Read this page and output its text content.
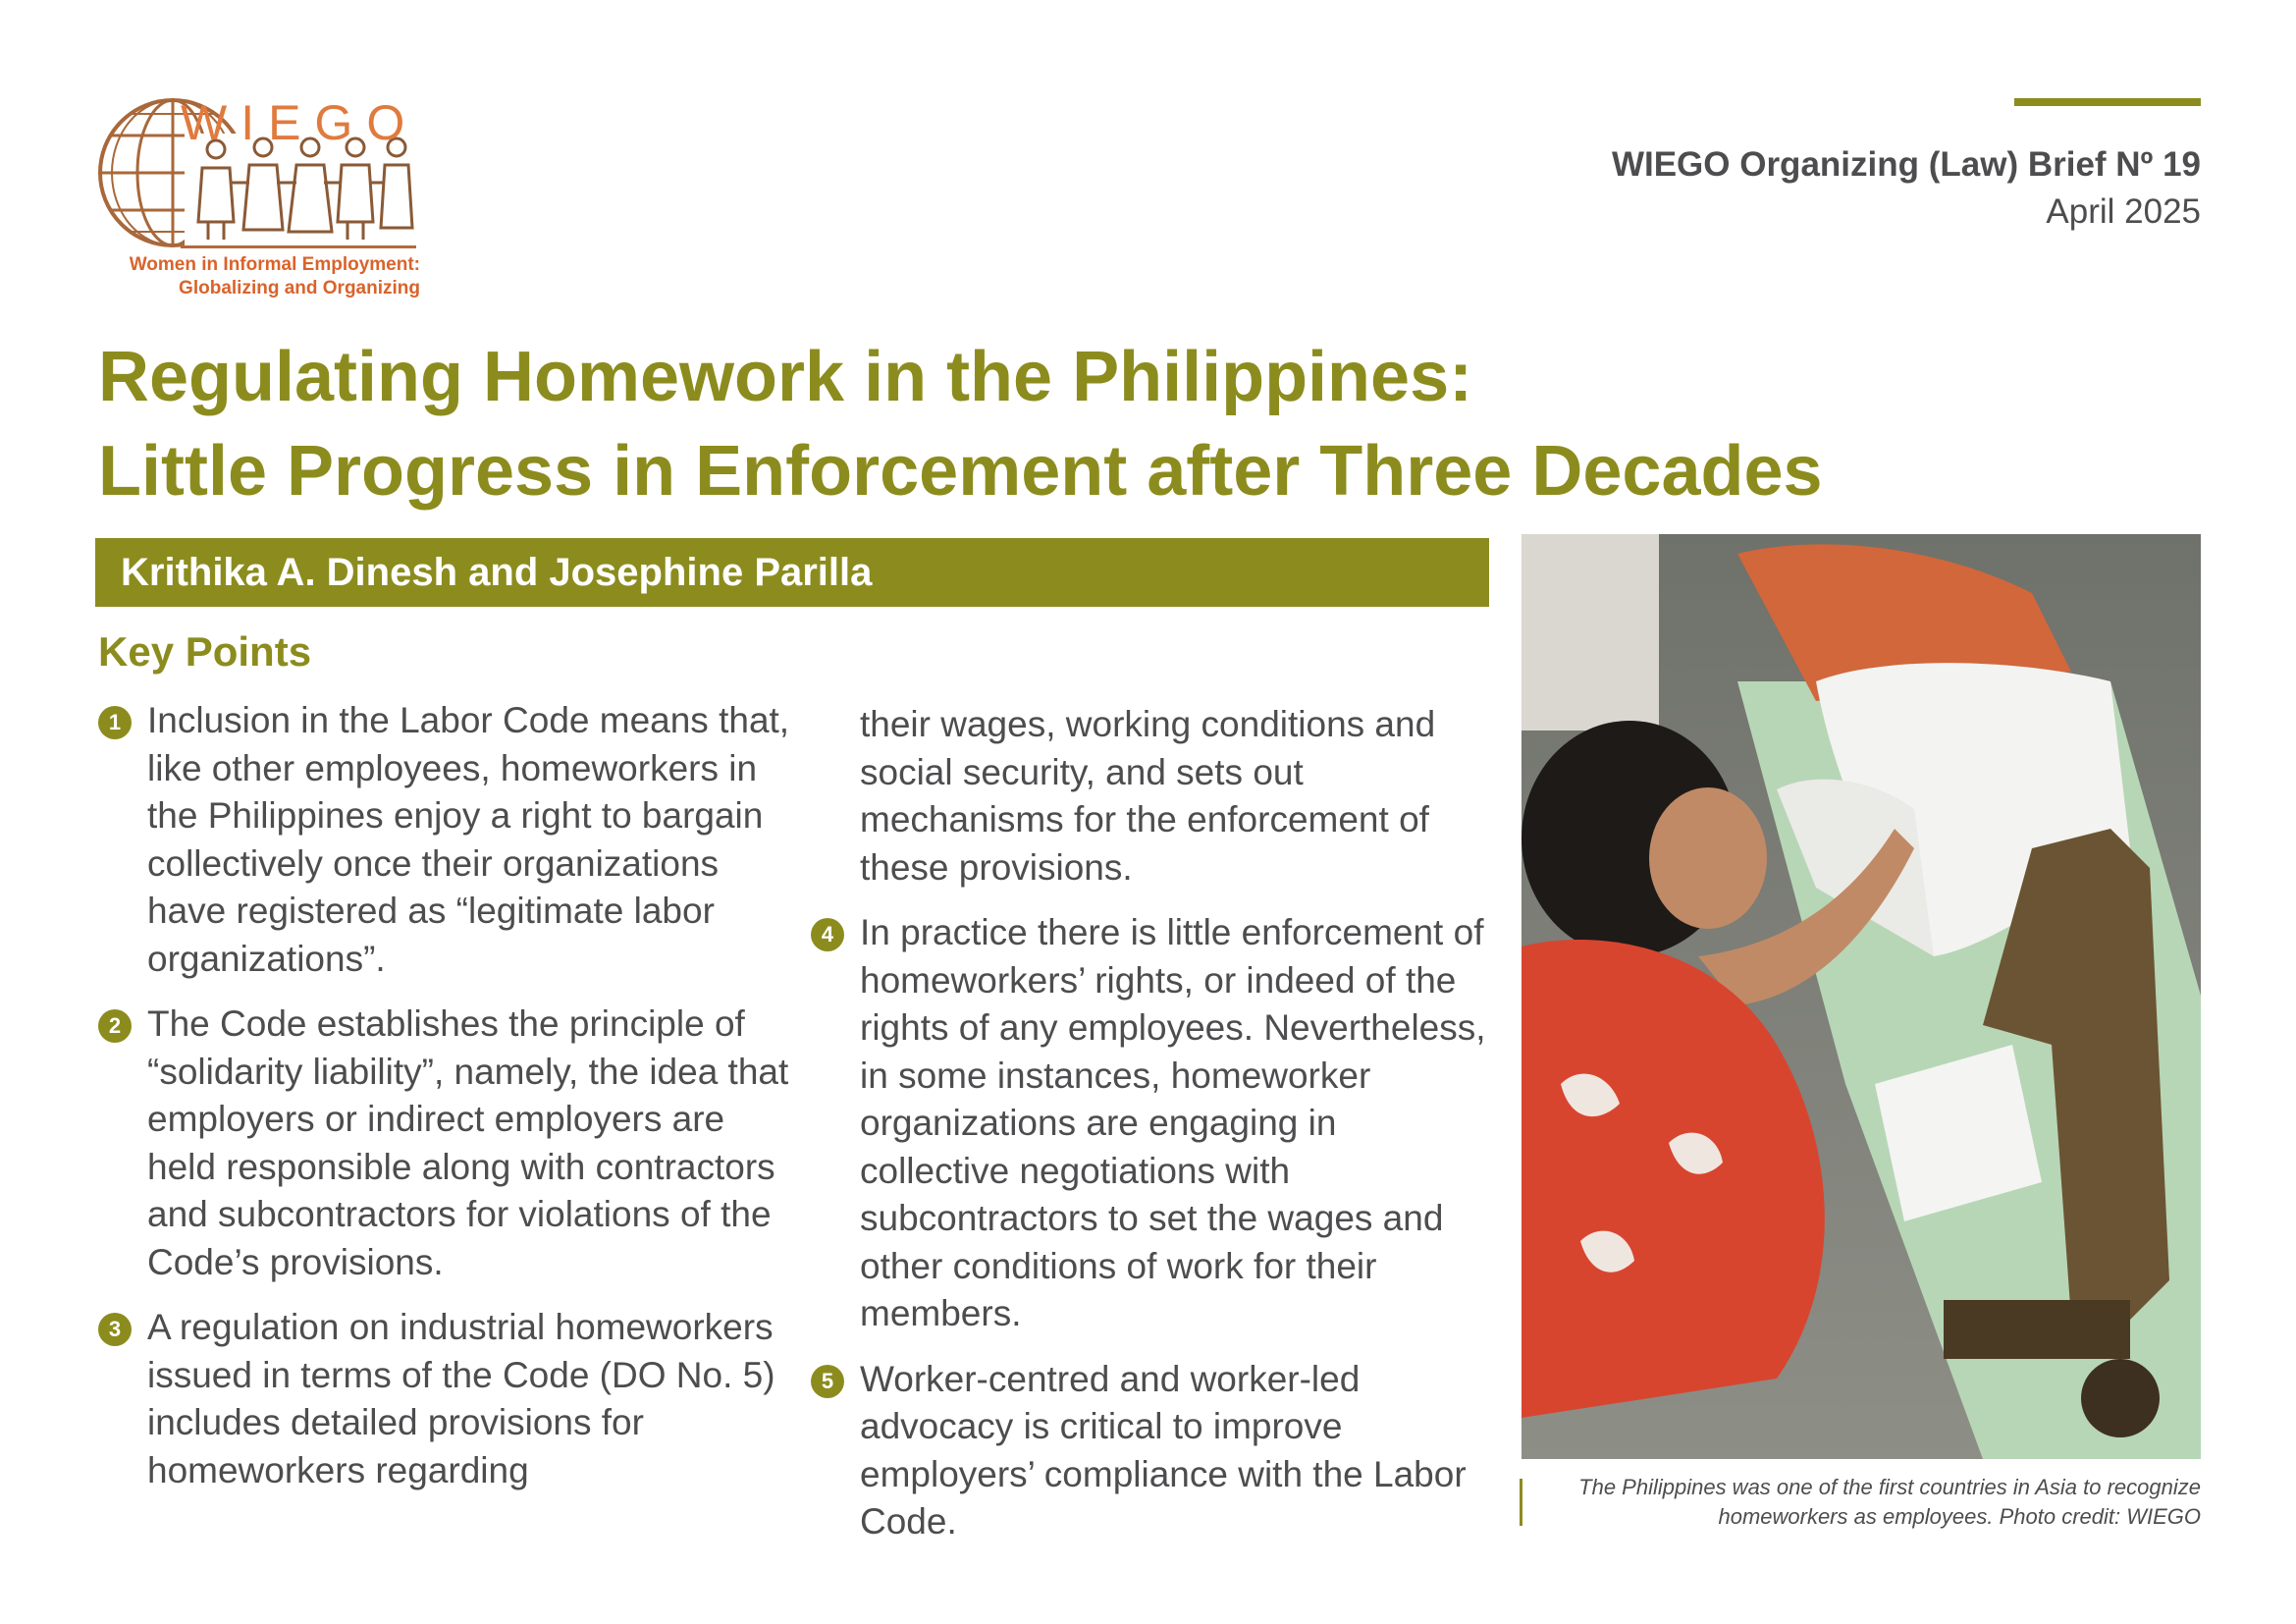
WIEGO
Women in Informal Employment:
Globalizing and Organizing
WIEGO Organizing (Law) Brief Nº 19
April 2025
Regulating Homework in the Philippines:
Little Progress in Enforcement after Three Decades
Krithika A. Dinesh and Josephine Parilla
Key Points
1 Inclusion in the Labor Code means that, like other employees, homeworkers in the Philippines enjoy a right to bargain collectively once their organizations have registered as “legitimate labor organizations”.
2 The Code establishes the principle of “solidarity liability”, namely, the idea that employers or indirect employers are held responsible along with contractors and subcontractors for violations of the Code’s provisions.
3 A regulation on industrial homeworkers issued in terms of the Code (DO No. 5) includes detailed provisions for homeworkers regarding
their wages, working conditions and social security, and sets out mechanisms for the enforcement of these provisions.
4 In practice there is little enforcement of homeworkers’ rights, or indeed of the rights of any employees. Nevertheless, in some instances, homeworker organizations are engaging in collective negotiations with subcontractors to set the wages and other conditions of work for their members.
5 Worker-centred and worker-led advocacy is critical to improve employers’ compliance with the Labor Code.
The Philippines was one of the first countries in Asia to recognize homeworkers as employees. Photo credit: WIEGO
